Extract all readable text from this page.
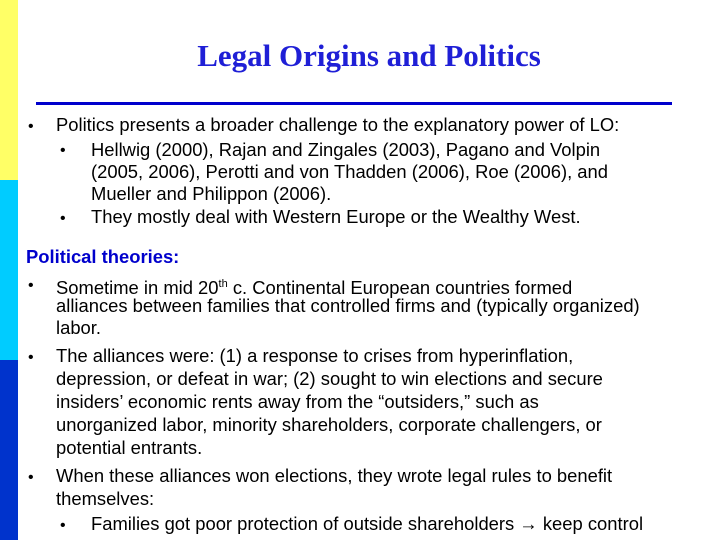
Legal Origins and Politics
• Politics presents a broader challenge to the explanatory power of LO:
• Hellwig (2000), Rajan and Zingales (2003), Pagano and Volpin
(2005, 2006), Perotti and von Thadden (2006), Roe (2006), and
Mueller and Philippon (2006).
• They mostly deal with Western Europe or the Wealthy West.
Political theories:
• Sometime in mid 20th c. Continental European countries formed
alliances between families that controlled firms and (typically organized)
labor.
• The alliances were: (1) a response to crises from hyperinflation,
depression, or defeat in war; (2) sought to win elections and secure
insiders’ economic rents away from the “outsiders,” such as
unorganized labor, minority shareholders, corporate challengers, or
potential entrants.
• When these alliances won elections, they wrote legal rules to benefit
themselves:
• Families got poor protection of outside shareholders → keep control
